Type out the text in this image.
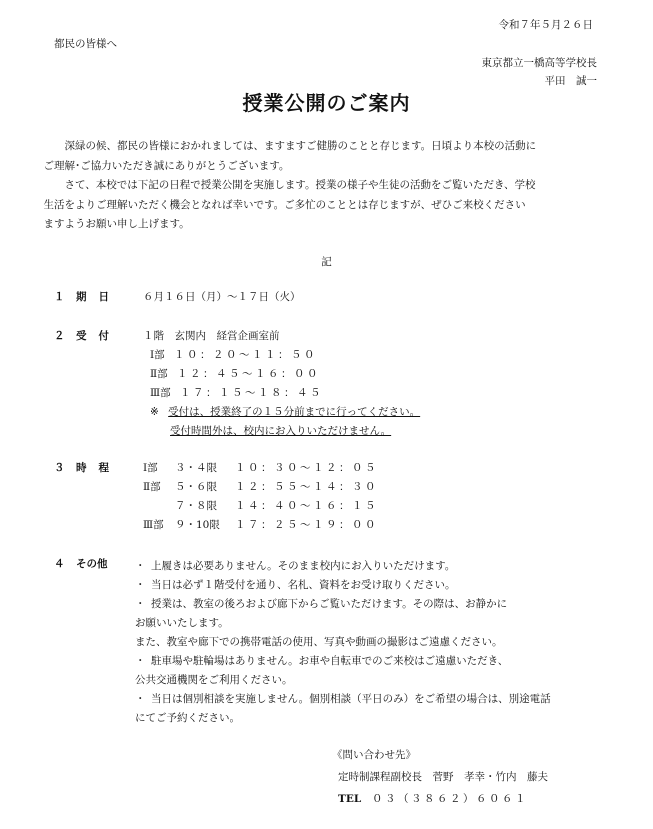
令和７年５月２６日
都民の皆様へ
東京都立一橋高等学校長
平田　誠一
授業公開のご案内

深緑の候、都民の皆様におかれましては、ますますご健勝のことと存じます。日頃より本校の活動に
ご理解･ご協力いただき誠にありがとうございます。

さて、本校では下記の日程で授業公開を実施します。授業の様子や生徒の活動をご覧いただき、学校
生活をよりご理解いただく機会となれば幸いです。ご多忙のこととは存じますが、ぜひご来校ください
ますようお願い申し上げます。

記
１ 期日	６月１６日（月）～１７日（火）
２ 受付	１階　玄関内　経営企画室前
Ⅰ部 １０：２０～１１：５０
Ⅱ部 １２：４５～１６：００
Ⅲ部 １７：１５～１８：４５
※ 受付は、授業終了の１５分前までに行ってください。
受付時間外は、校内にお入りいただけません。
３ 時程	Ⅰ部 ３・４限 １０：３０～１２：０５
Ⅱ部 ５・６限 １２：５５～１４：３０
７・８限 １４：４０～１６：１５
Ⅲ部 ９・10限 １７：２５～１９：００
４ その他	・ 上履きは必要ありません。そのまま校内にお入りいただけます。
・ 当日は必ず１階受付を通り、名札、資料をお受け取りください。
・ 授業は、教室の後ろおよび廊下からご覧いただけます。その際は、お静かに
お願いいたします。
また、教室や廊下での携帯電話の使用、写真や動画の撮影はご遠慮ください。
・ 駐車場や駐輪場はありません。お車や自転車でのご来校はご遠慮いただき、
公共交通機関をご利用ください。
・ 当日は個別相談を実施しません。個別相談（平日のみ）をご希望の場合は、別途電話
にてご予約ください。
《問い合わせ先》
定時制課程副校長　菅野　孝幸・竹内　藤夫
TEL ０３（３８６２）６０６１
